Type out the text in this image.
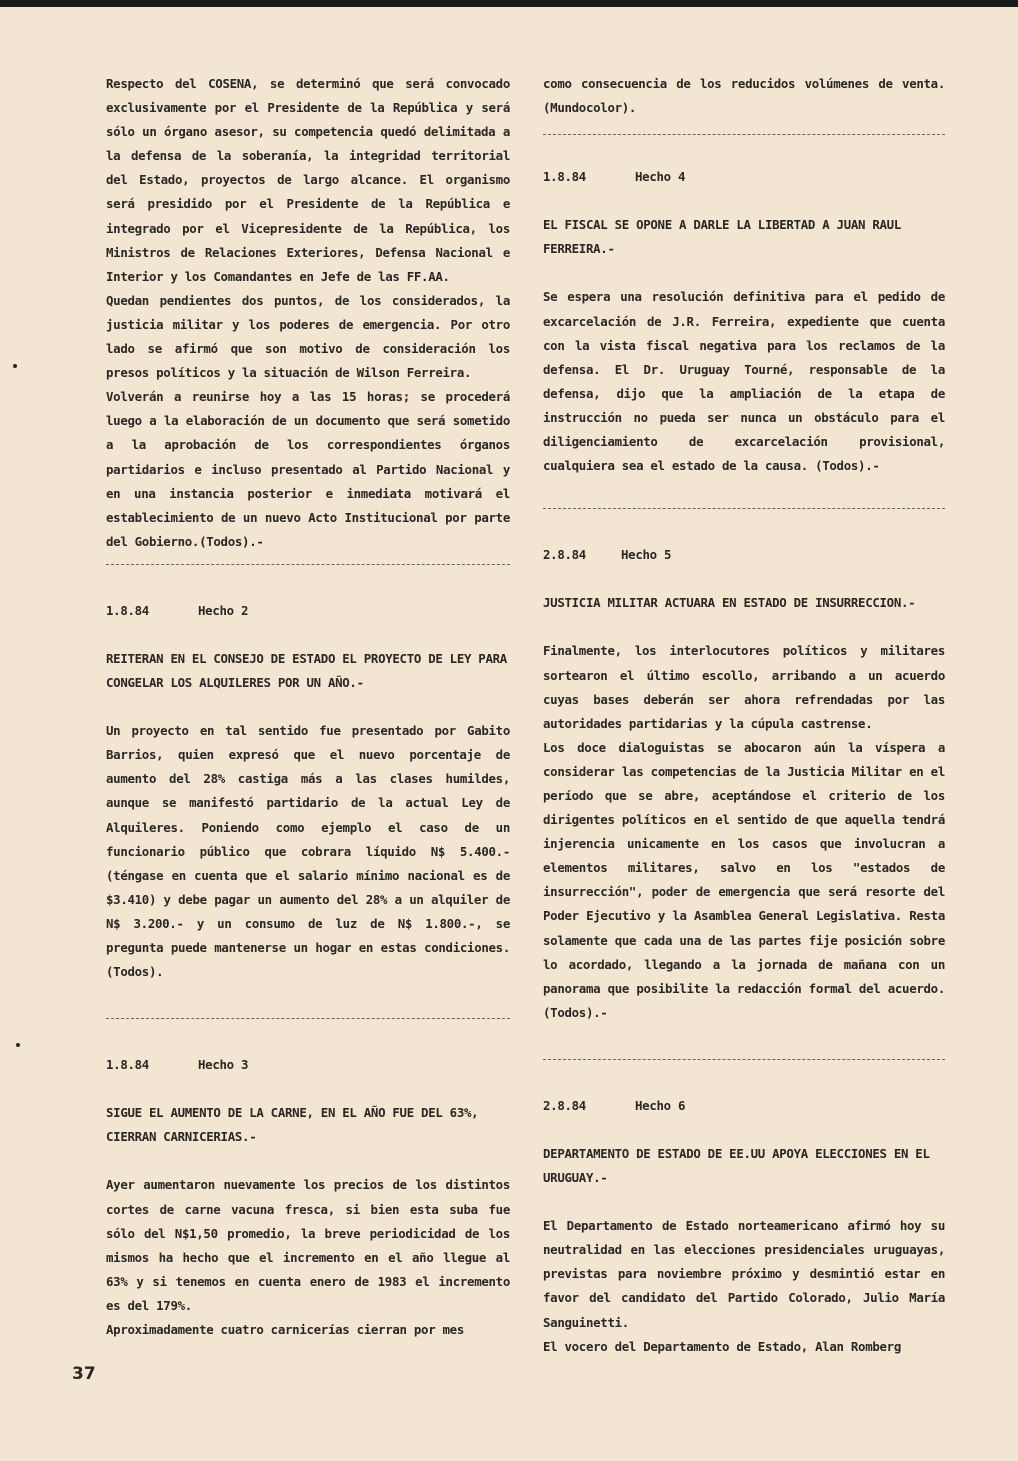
Respecto del COSENA, se determinó que será convocado exclusivamente por el Presidente de la República y será sólo un órgano asesor, su competencia quedó delimitada a la defensa de la soberanía, la integridad territorial del Estado, proyectos de largo alcance. El organismo será presidido por el Presidente de la República e integrado por el Vicepresidente de la República, los Ministros de Relaciones Exteriores, Defensa Nacional e Interior y los Comandantes en Jefe de las FF.AA.

Quedan pendientes dos puntos, de los considerados, la justicia militar y los poderes de emergencia. Por otro lado se afirmó que son motivo de consideración los presos políticos y la situación de Wilson Ferreira.

Volverán a reunirse hoy a las 15 horas; se procederá luego a la elaboración de un documento que será sometido a la aprobación de los correspondientes órganos partidarios e incluso presentado al Partido Nacional y en una instancia posterior e inmediata motivará el establecimiento de un nuevo Acto Institucional por parte del Gobierno.(Todos).-

1.8.84	Hecho 2

REITERAN EN EL CONSEJO DE ESTADO EL PROYECTO DE LEY PARA CONGELAR LOS ALQUILERES POR UN AÑO.-

Un proyecto en tal sentido fue presentado por Gabito Barrios, quien expresó que el nuevo porcentaje de aumento del 28% castiga más a las clases humildes, aunque se manifestó partidario de la actual Ley de Alquileres. Poniendo como ejemplo el caso de un funcionario público que cobrara líquido N$ 5.400.- (téngase en cuenta que el salario mínimo nacional es de $3.410) y debe pagar un aumento del 28% a un alquiler de N$ 3.200.- y un consumo de luz de N$ 1.800.-, se pregunta puede mantenerse un hogar en estas condiciones.(Todos).

1.8.84	Hecho 3

SIGUE EL AUMENTO DE LA CARNE, EN EL AÑO FUE DEL 63%, CIERRAN CARNICERIAS.-

Ayer aumentaron nuevamente los precios de los distintos cortes de carne vacuna fresca, si bien esta suba fue sólo del N$1,50 promedio, la breve periodicidad de los mismos ha hecho que el incremento en el año llegue al 63% y si tenemos en cuenta enero de 1983 el incremento es del 179%.

Aproximadamente cuatro carnicerías cierran por mes

como consecuencia de los reducidos volúmenes de venta. (Mundocolor).

1.8.84	Hecho 4

EL FISCAL SE OPONE A DARLE LA LIBERTAD A JUAN RAUL FERREIRA.-

Se espera una resolución definitiva para el pedido de excarcelación de J.R. Ferreira, expediente que cuenta con la vista fiscal negativa para los reclamos de la defensa. El Dr. Uruguay Tourné, responsable de la defensa, dijo que la ampliación de la etapa de instrucción no pueda ser nunca un obstáculo para el diligenciamiento de excarcelación provisional, cualquiera sea el estado de la causa. (Todos).-

2.8.84	Hecho 5

JUSTICIA MILITAR ACTUARA EN ESTADO DE INSURRECCION.-

Finalmente, los interlocutores políticos y militares sortearon el último escollo, arribando a un acuerdo cuyas bases deberán ser ahora refrendadas por las autoridades partidarias y la cúpula castrense.

Los doce dialoguistas se abocaron aún la víspera a considerar las competencias de la Justicia Militar en el período que se abre, aceptándose el criterio de los dirigentes políticos en el sentido de que aquella tendrá injerencia unicamente en los casos que involucran a elementos militares, salvo en los "estados de insurrección", poder de emergencia que será resorte del Poder Ejecutivo y la Asamblea General Legislativa. Resta solamente que cada una de las partes fije posición sobre lo acordado, llegando a la jornada de mañana con un panorama que posibilite la redacción formal del acuerdo.(Todos).-

2.8.84	Hecho 6

DEPARTAMENTO DE ESTADO DE EE.UU APOYA ELECCIONES EN EL URUGUAY.-

El Departamento de Estado norteamericano afirmó hoy su neutralidad en las elecciones presidenciales uruguayas, previstas para noviembre próximo y desmintió estar en favor del candidato del Partido Colorado, Julio María Sanguinetti.

El vocero del Departamento de Estado, Alan Romberg

37
